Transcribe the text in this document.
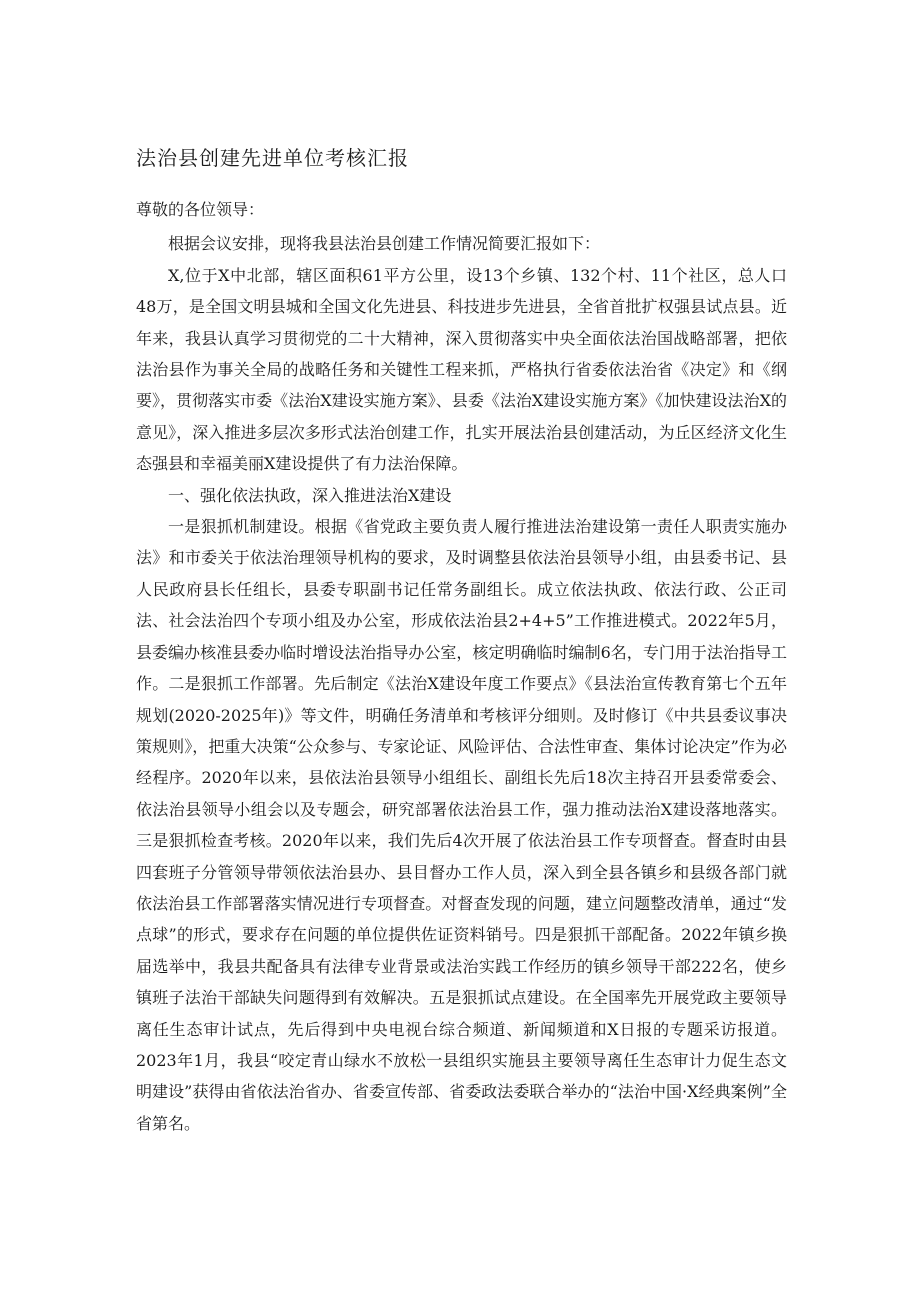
法治县创建先进单位考核汇报

尊敬的各位领导：

根据会议安排，现将我县法治县创建工作情况简要汇报如下：

X,位于X中北部，辖区面积61平方公里，设13个乡镇、132个村、11个社区，总人口48万，是全国文明县城和全国文化先进县、科技进步先进县，全省首批扩权强县试点县。近年来，我县认真学习贯彻党的二十大精神，深入贯彻落实中央全面依法治国战略部署，把依法治县作为事关全局的战略任务和关键性工程来抓，严格执行省委依法治省《决定》和《纲要》，贯彻落实市委《法治X建设实施方案》、县委《法治X建设实施方案》《加快建设法治X的意见》，深入推进多层次多形式法治创建工作，扎实开展法治县创建活动，为丘区经济文化生态强县和幸福美丽X建设提供了有力法治保障。

一、强化依法执政，深入推进法治X建设

一是狠抓机制建设。根据《省党政主要负责人履行推进法治建设第一责任人职责实施办法》和市委关于依法治理领导机构的要求，及时调整县依法治县领导小组，由县委书记、县人民政府县长任组长，县委专职副书记任常务副组长。成立依法执政、依法行政、公正司法、社会法治四个专项小组及办公室，形成依法治县2+4+5”工作推进模式。2022年5月，县委编办核准县委办临时增设法治指导办公室，核定明确临时编制6名，专门用于法治指导工作。二是狠抓工作部署。先后制定《法治X建设年度工作要点》《县法治宣传教育第七个五年规划(2020-2025年)》等文件，明确任务清单和考核评分细则。及时修订《中共县委议事决策规则》，把重大决策“公众参与、专家论证、风险评估、合法性审查、集体讨论决定”作为必经程序。2020年以来，县依法治县领导小组组长、副组长先后18次主持召开县委常委会、依法治县领导小组会以及专题会，研究部署依法治县工作，强力推动法治X建设落地落实。三是狠抓检查考核。2020年以来，我们先后4次开展了依法治县工作专项督查。督查时由县四套班子分管领导带领依法治县办、县目督办工作人员，深入到全县各镇乡和县级各部门就依法治县工作部署落实情况进行专项督查。对督查发现的问题，建立问题整改清单，通过“发点球”的形式，要求存在问题的单位提供佐证资料销号。四是狠抓干部配备。2022年镇乡换届选举中，我县共配备具有法律专业背景或法治实践工作经历的镇乡领导干部222名，使乡镇班子法治干部缺失问题得到有效解决。五是狠抓试点建设。在全国率先开展党政主要领导离任生态审计试点，先后得到中央电视台综合频道、新闻频道和X日报的专题采访报道。2023年1月，我县“咬定青山绿水不放松一县组织实施县主要领导离任生态审计力促生态文明建设”获得由省依法治省办、省委宣传部、省委政法委联合举办的“法治中国·X经典案例”全省第名。
